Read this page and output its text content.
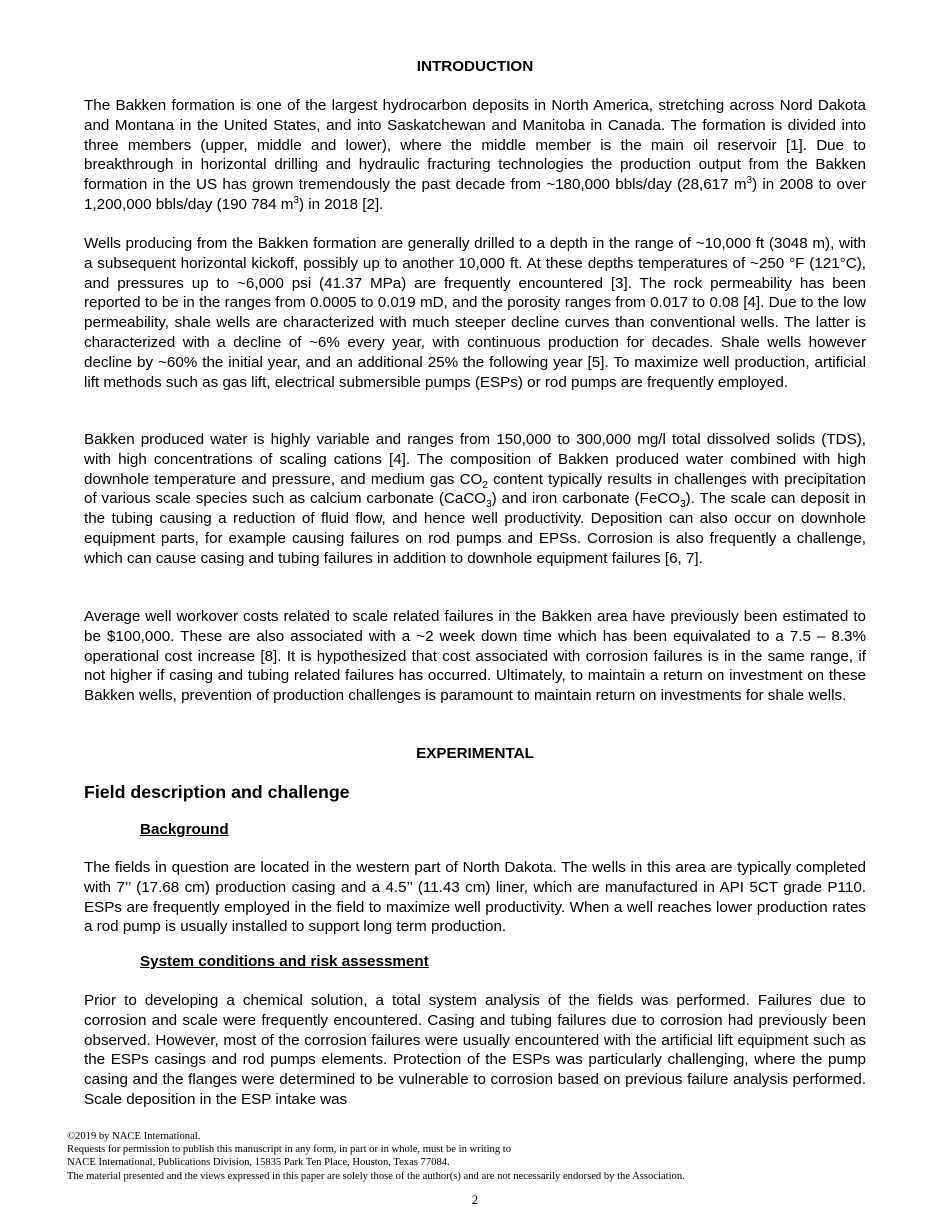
INTRODUCTION

The Bakken formation is one of the largest hydrocarbon deposits in North America, stretching across Nord Dakota and Montana in the United States, and into Saskatchewan and Manitoba in Canada. The formation is divided into three members (upper, middle and lower), where the middle member is the main oil reservoir [1]. Due to breakthrough in horizontal drilling and hydraulic fracturing technologies the production output from the Bakken formation in the US has grown tremendously the past decade from ~180,000 bbls/day (28,617 $m^3$) in 2008 to over 1,200,000 bbls/day (190 784 $m^3$) in 2018 [2].

Wells producing from the Bakken formation are generally drilled to a depth in the range of ~10,000 ft (3048 m), with a subsequent horizontal kickoff, possibly up to another 10,000 ft. At these depths temperatures of ~250 °F (121°C), and pressures up to ~6,000 psi (41.37 MPa) are frequently encountered [3]. The rock permeability has been reported to be in the ranges from 0.0005 to 0.019 mD, and the porosity ranges from 0.017 to 0.08 [4]. Due to the low permeability, shale wells are characterized with much steeper decline curves than conventional wells. The latter is characterized with a decline of ~6% every year, with continuous production for decades. Shale wells however decline by ~60% the initial year, and an additional 25% the following year [5]. To maximize well production, artificial lift methods such as gas lift, electrical submersible pumps (ESPs) or rod pumps are frequently employed.

Bakken produced water is highly variable and ranges from 150,000 to 300,000 mg/l total dissolved solids (TDS), with high concentrations of scaling cations [4]. The composition of Bakken produced water combined with high downhole temperature and pressure, and medium gas $CO_2$ content typically results in challenges with precipitation of various scale species such as calcium carbonate (CaCO$_3$) and iron carbonate (FeCO$_3$). The scale can deposit in the tubing causing a reduction of fluid flow, and hence well productivity. Deposition can also occur on downhole equipment parts, for example causing failures on rod pumps and EPSs. Corrosion is also frequently a challenge, which can cause casing and tubing failures in addition to downhole equipment failures [6, 7].

Average well workover costs related to scale related failures in the Bakken area have previously been estimated to be $100,000. These are also associated with a ~2 week down time which has been equivalated to a 7.5 – 8.3% operational cost increase [8]. It is hypothesized that cost associated with corrosion failures is in the same range, if not higher if casing and tubing related failures has occurred. Ultimately, to maintain a return on investment on these Bakken wells, prevention of production challenges is paramount to maintain return on investments for shale wells.

EXPERIMENTAL
Field description and challenge
Background

The fields in question are located in the western part of North Dakota. The wells in this area are typically completed with 7’’ (17.68 cm) production casing and a 4.5’’ (11.43 cm) liner, which are manufactured in API 5CT grade P110. ESPs are frequently employed in the field to maximize well productivity. When a well reaches lower production rates a rod pump is usually installed to support long term production.

System conditions and risk assessment

Prior to developing a chemical solution, a total system analysis of the fields was performed. Failures due to corrosion and scale were frequently encountered. Casing and tubing failures due to corrosion had previously been observed. However, most of the corrosion failures were usually encountered with the artificial lift equipment such as the ESPs casings and rod pumps elements. Protection of the ESPs was particularly challenging, where the pump casing and the flanges were determined to be vulnerable to corrosion based on previous failure analysis performed. Scale deposition in the ESP intake was

©2019 by NACE International.
Requests for permission to publish this manuscript in any form, in part or in whole, must be in writing to
NACE International, Publications Division, 15835 Park Ten Place, Houston, Texas 77084.
The material presented and the views expressed in this paper are solely those of the author(s) and are not necessarily endorsed by the Association.
2
